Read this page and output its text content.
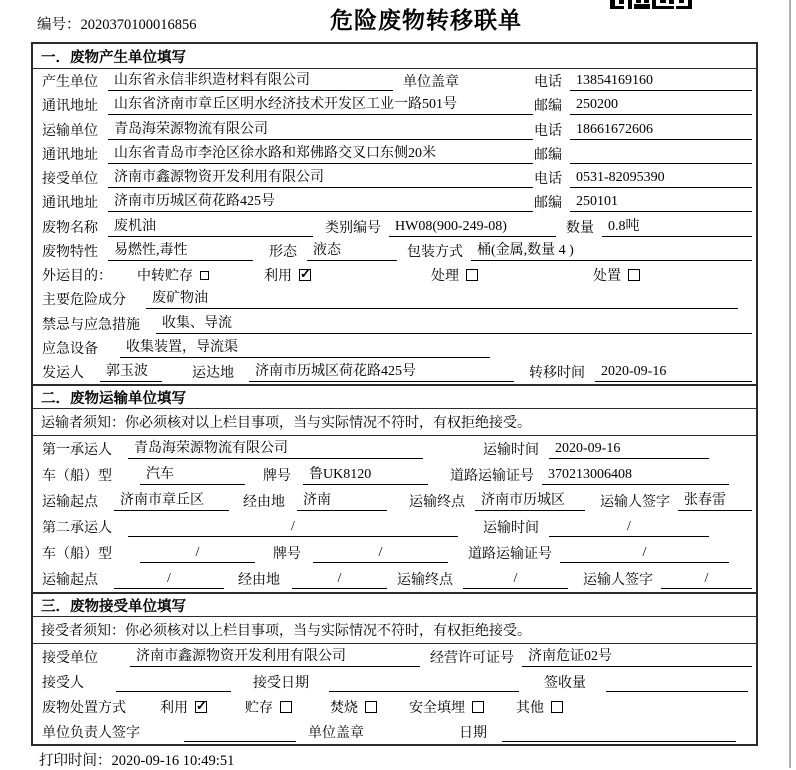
编号：2020370100016856	危险废物转移联单
一．废物产生单位填写
产生单位	山东省永信非织造材料有限公司	单位盖章	电话	13854169160
通讯地址	山东省济南市章丘区明水经济技术开发区工业一路501号	邮编	250200
运输单位	青岛海荣源物流有限公司	电话	18661672606
通讯地址	山东省青岛市李沧区徐水路和郑佛路交叉口东侧20米	邮编
接受单位	济南市鑫源物资开发利用有限公司	电话	0531-82095390
通讯地址	济南市历城区荷花路425号	邮编	250101
废物名称	废机油	类别编号	HW08(900-249-08)	数量	0.8吨
废物特性	易燃性,毒性	形态	液态	包装方式	桶(金属,数量 4 )
外运目的：	中转贮存	利用 ✓	处理	处置
主要危险成分	废矿物油
禁忌与应急措施	收集、导流
应急设备	收集装置，导流渠
发运人	郭玉波	运达地	济南市历城区荷花路425号	转移时间	2020-09-16
二．废物运输单位填写
运输者须知：你必须核对以上栏目事项，当与实际情况不符时，有权拒绝接受。
第一承运人	青岛海荣源物流有限公司	运输时间	2020-09-16
车（船）型	汽车	牌号	鲁UK8120	道路运输证号	370213006408
运输起点	济南市章丘区	经由地	济南	运输终点	济南市历城区	运输人签字	张春雷
第二承运人	/	运输时间	/
车（船）型	/	牌号	/	道路运输证号	/
运输起点	/	经由地	/	运输终点	/	运输人签字	/
三．废物接受单位填写
接受者须知：你必须核对以上栏目事项，当与实际情况不符时，有权拒绝接受。
接受单位	济南市鑫源物资开发利用有限公司	经营许可证号	济南危证02号
接受人	接受日期	签收量
废物处置方式 利用 ✓	贮存	焚烧	安全填埋	其他
单位负责人签字	单位盖章	日期
打印时间：2020-09-16 10:49:51
